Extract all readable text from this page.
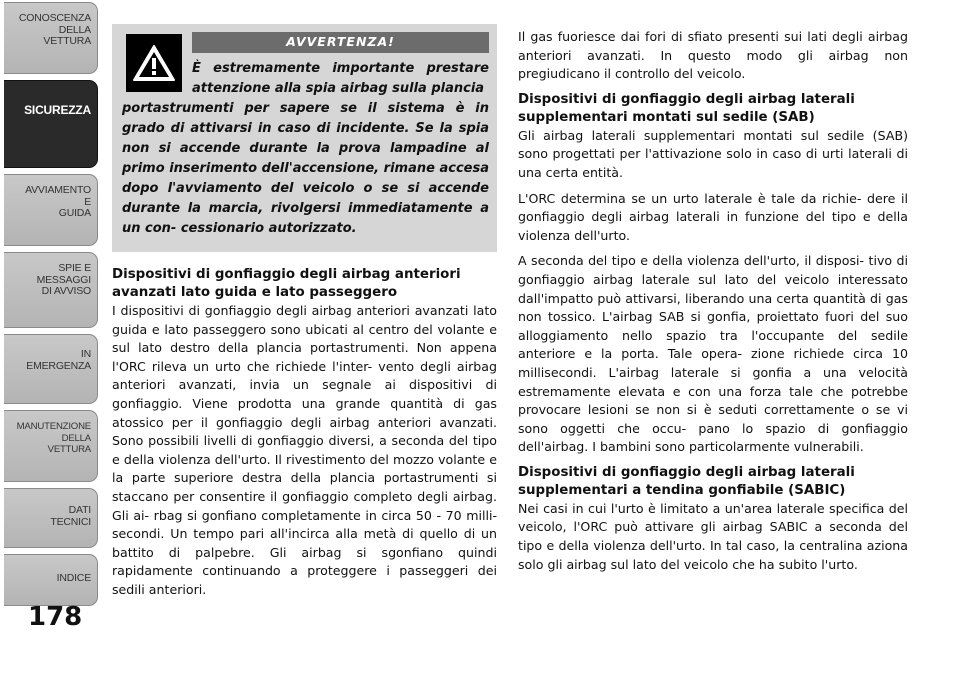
CONOSCENZA
DELLA
VETTURA
SICUREZZA
AVVIAMENTO
E
GUIDA
SPIE E
MESSAGGI
DI AVVISO
IN
EMERGENZA
MANUTENZIONE
DELLA
VETTURA
DATI
TECNICI
INDICE
178
AVVERTENZA!
È estremamente importante prestare attenzione alla spia airbag sulla plancia
portastrumenti per sapere se il sistema è in grado di attivarsi in caso di incidente. Se la spia non si accende durante la prova lampadine al primo inserimento dell'accensione, rimane accesa dopo l'avviamento del veicolo o se si accende durante la marcia, rivolgersi immediatamente a un con- cessionario autorizzato.
Dispositivi di gonfiaggio degli airbag anteriori avanzati lato guida e lato passeggero

I dispositivi di gonfiaggio degli airbag anteriori avanzati lato guida e lato passeggero sono ubicati al centro del volante e sul lato destro della plancia portastrumenti. Non appena l'ORC rileva un urto che richiede l'inter- vento degli airbag anteriori avanzati, invia un segnale ai dispositivi di gonfiaggio. Viene prodotta una grande quantità di gas atossico per il gonfiaggio degli airbag anteriori avanzati. Sono possibili livelli di gonfiaggio diversi, a seconda del tipo e della violenza dell'urto. Il rivestimento del mozzo volante e la parte superiore destra della plancia portastrumenti si staccano per consentire il gonfiaggio completo degli airbag. Gli ai- rbag si gonfiano completamente in circa 50 - 70 milli- secondi. Un tempo pari all'incirca alla metà di quello di un battito di palpebre. Gli airbag si sgonfiano quindi rapidamente continuando a proteggere i passeggeri dei sedili anteriori.

Il gas fuoriesce dai fori di sfiato presenti sui lati degli airbag anteriori avanzati. In questo modo gli airbag non pregiudicano il controllo del veicolo.

Dispositivi di gonfiaggio degli airbag laterali supplementari montati sul sedile (SAB)

Gli airbag laterali supplementari montati sul sedile (SAB) sono progettati per l'attivazione solo in caso di urti laterali di una certa entità.

L'ORC determina se un urto laterale è tale da richie- dere il gonfiaggio degli airbag laterali in funzione del tipo e della violenza dell'urto.

A seconda del tipo e della violenza dell'urto, il disposi- tivo di gonfiaggio airbag laterale sul lato del veicolo interessato dall'impatto può attivarsi, liberando una certa quantità di gas non tossico. L'airbag SAB si gonfia, proiettato fuori del suo alloggiamento nello spazio tra l'occupante del sedile anteriore e la porta. Tale opera- zione richiede circa 10 millisecondi. L'airbag laterale si gonfia a una velocità estremamente elevata e con una forza tale che potrebbe provocare lesioni se non si è seduti correttamente o se vi sono oggetti che occu- pano lo spazio di gonfiaggio dell'airbag. I bambini sono particolarmente vulnerabili.

Dispositivi di gonfiaggio degli airbag laterali supplementari a tendina gonfiabile (SABIC)

Nei casi in cui l'urto è limitato a un'area laterale specifica del veicolo, l'ORC può attivare gli airbag SABIC a seconda del tipo e della violenza dell'urto. In tal caso, la centralina aziona solo gli airbag sul lato del veicolo che ha subito l'urto.
